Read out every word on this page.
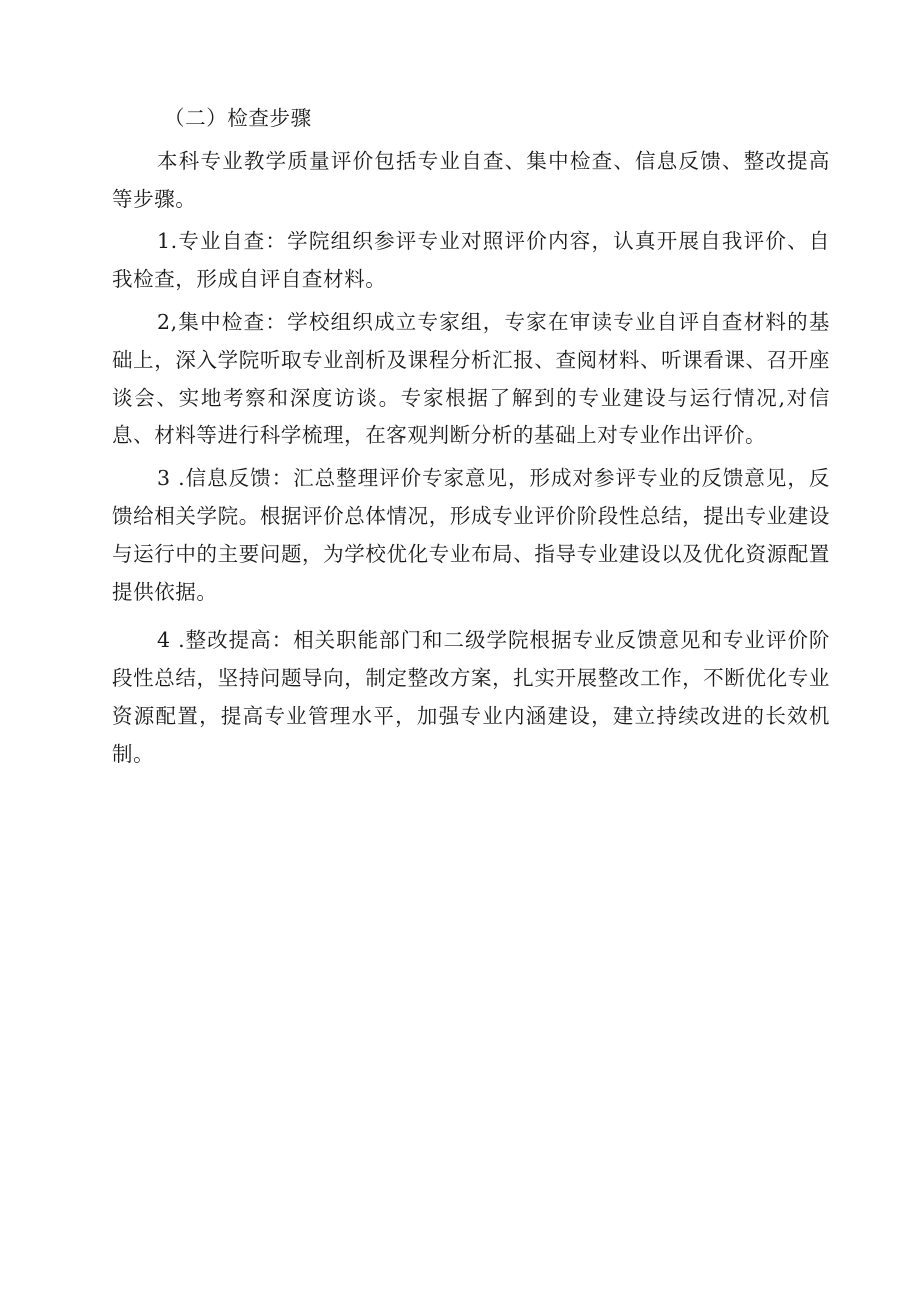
（二）检查步骤

本科专业教学质量评价包括专业自查、集中检查、信息反馈、整改提高等步骤。

1.专业自查：学院组织参评专业对照评价内容，认真开展自我评价、自我检查，形成自评自查材料。

2,集中检查：学校组织成立专家组，专家在审读专业自评自查材料的基础上，深入学院听取专业剖析及课程分析汇报、查阅材料、听课看课、召开座谈会、实地考察和深度访谈。专家根据了解到的专业建设与运行情况,对信息、材料等进行科学梳理，在客观判断分析的基础上对专业作出评价。

3 .信息反馈：汇总整理评价专家意见，形成对参评专业的反馈意见，反馈给相关学院。根据评价总体情况，形成专业评价阶段性总结，提出专业建设与运行中的主要问题，为学校优化专业布局、指导专业建设以及优化资源配置提供依据。

4 .整改提高：相关职能部门和二级学院根据专业反馈意见和专业评价阶段性总结，坚持问题导向，制定整改方案，扎实开展整改工作，不断优化专业资源配置，提高专业管理水平，加强专业内涵建设，建立持续改进的长效机制。
